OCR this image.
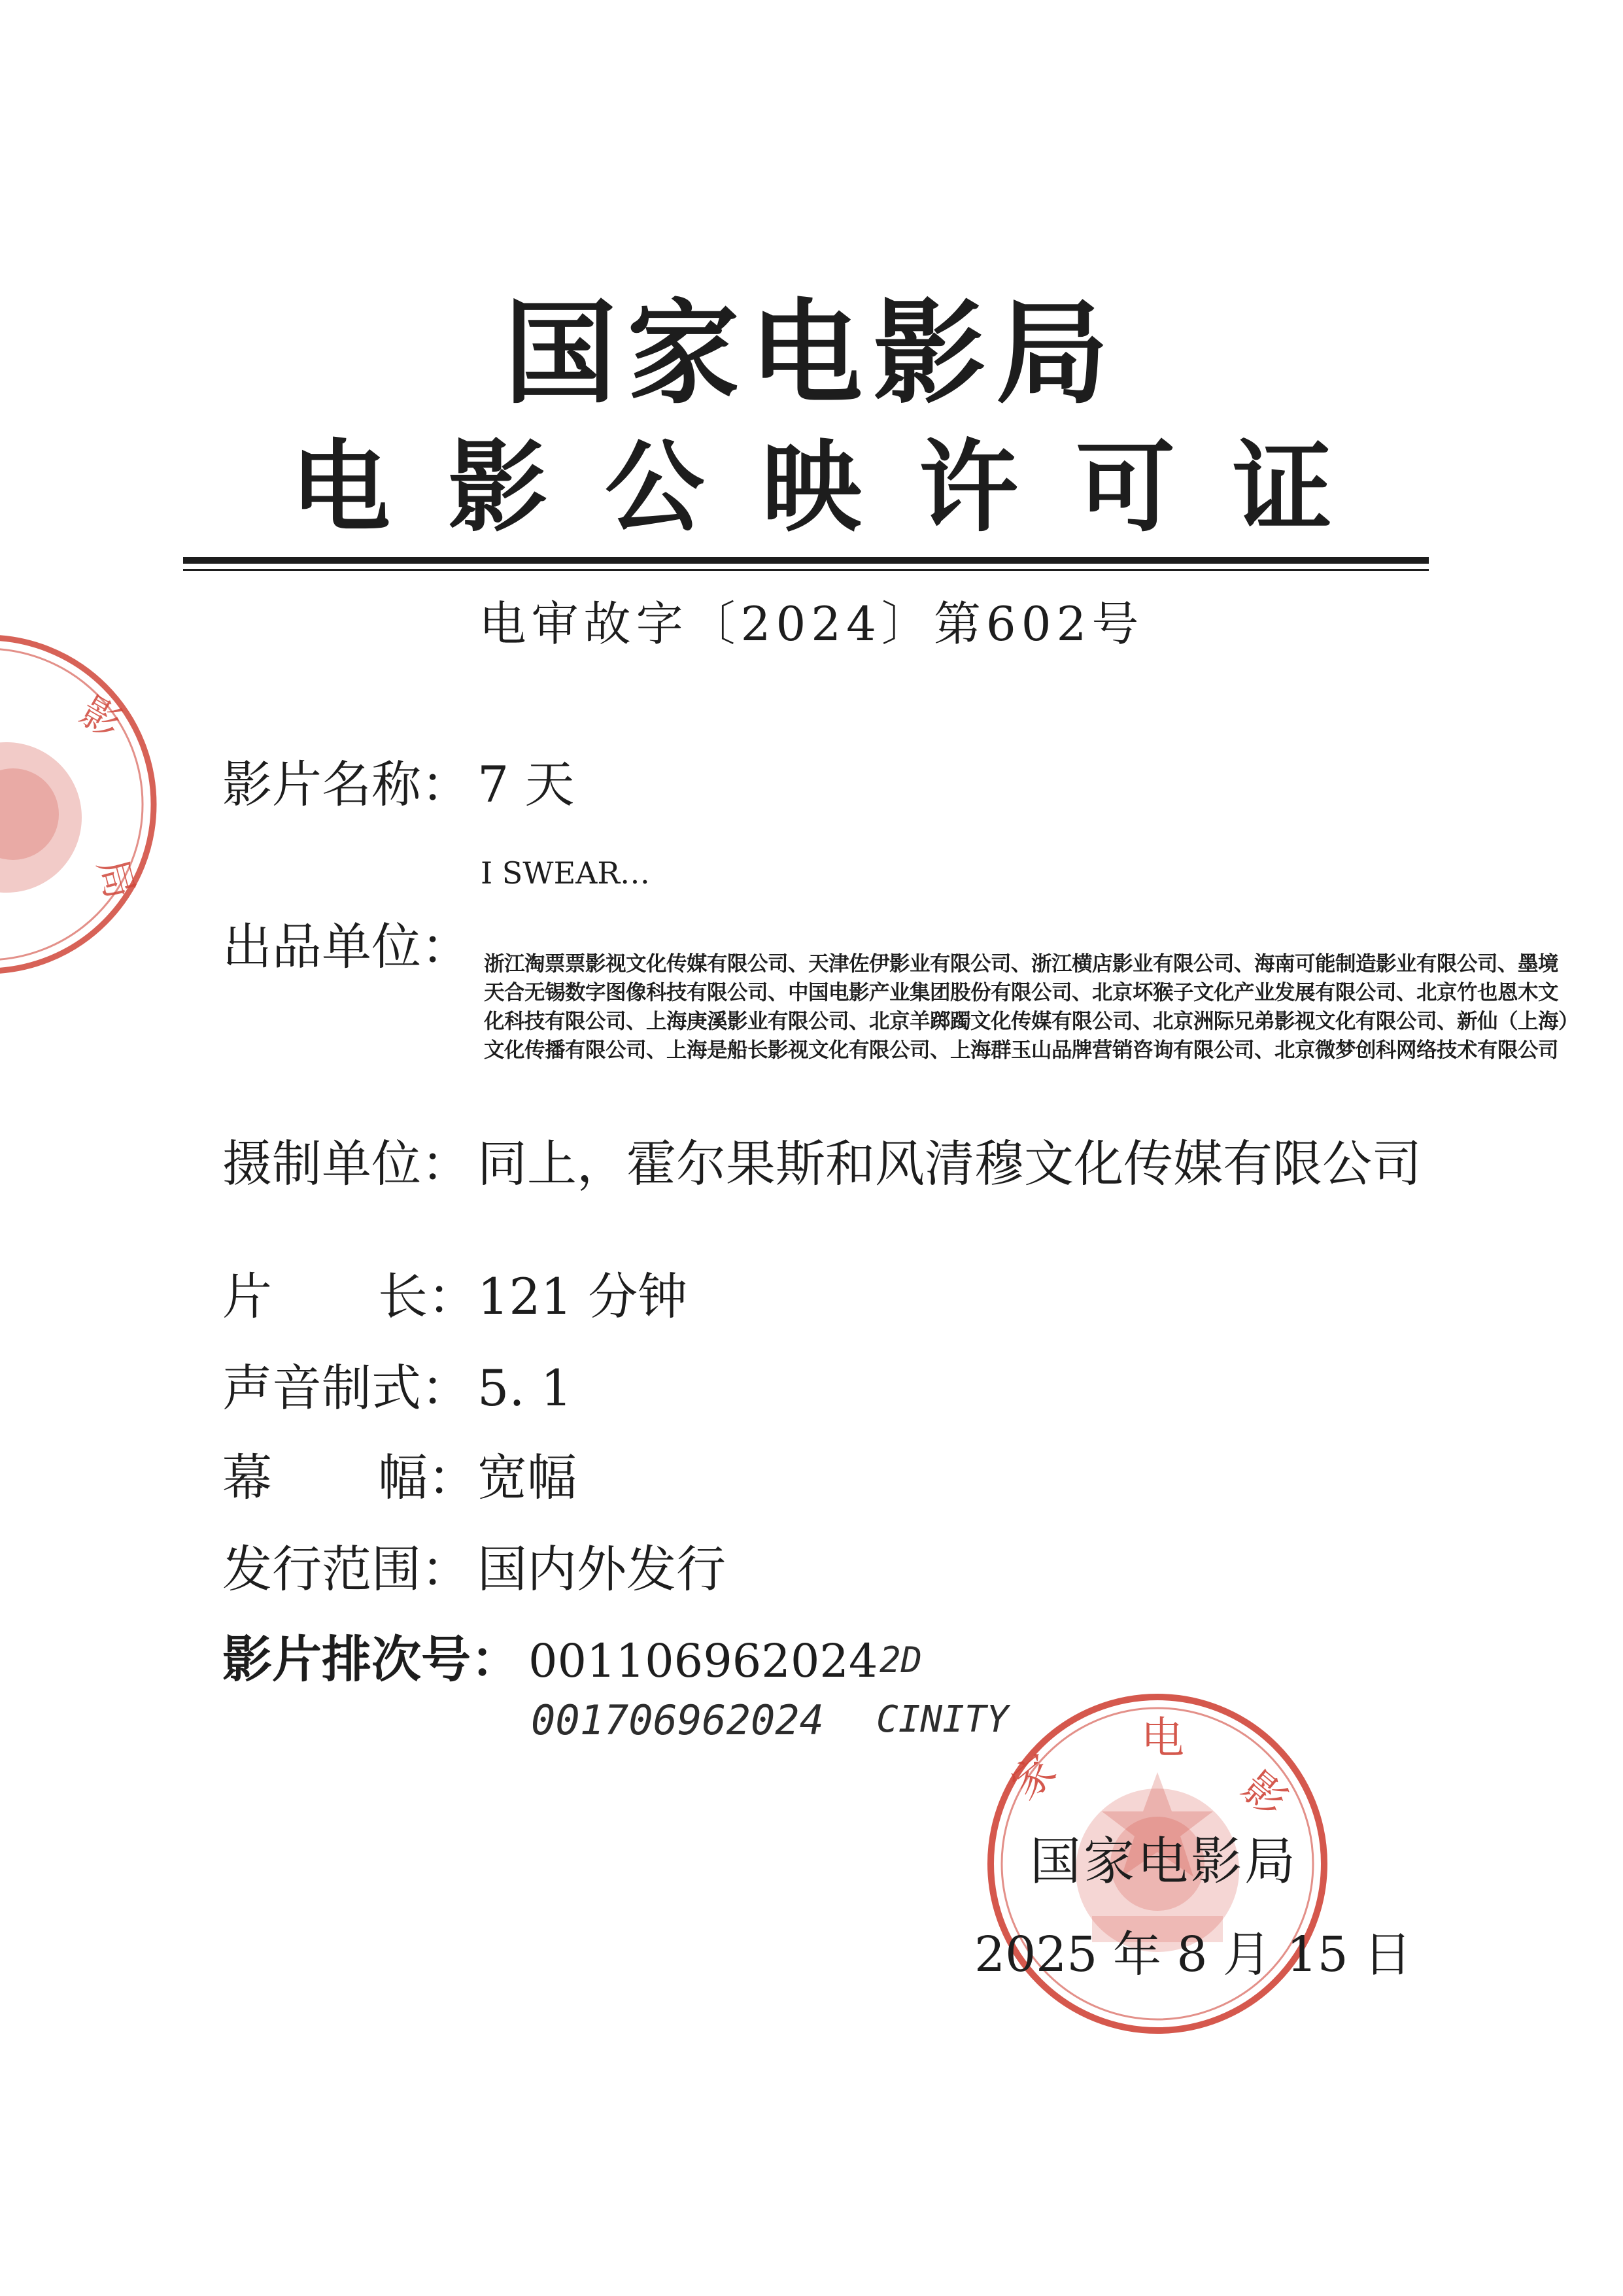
影
局
国家电影局
电影公映许可证
电审故字〔2024〕第602号
影片名称： 7 天
I SWEAR…
出品单位： 浙江淘票票影视文化传媒有限公司、天津佐伊影业有限公司、浙江横店影业有限公司、海南可能制造影业有限公司、墨境天合无锡数字图像科技有限公司、中国电影产业集团股份有限公司、北京坏猴子文化产业发展有限公司、北京竹也恩木文化科技有限公司、上海庚溪影业有限公司、北京羊踯躅文化传媒有限公司、北京洲际兄弟影视文化有限公司、新仙（上海）文化传播有限公司、上海是船长影视文化有限公司、上海群玉山品牌营销咨询有限公司、北京微梦创科网络技术有限公司
摄制单位： 同上，霍尔果斯和风清穆文化传媒有限公司
片 长： 121 分钟
声音制式： 5. 1
幕 幅： 宽幅
发行范围： 国内外发行
影片排次号： 001106962024 2D
001706962024 CINITY	电
影
家
国家电影局
2025 年 8 月 15 日
